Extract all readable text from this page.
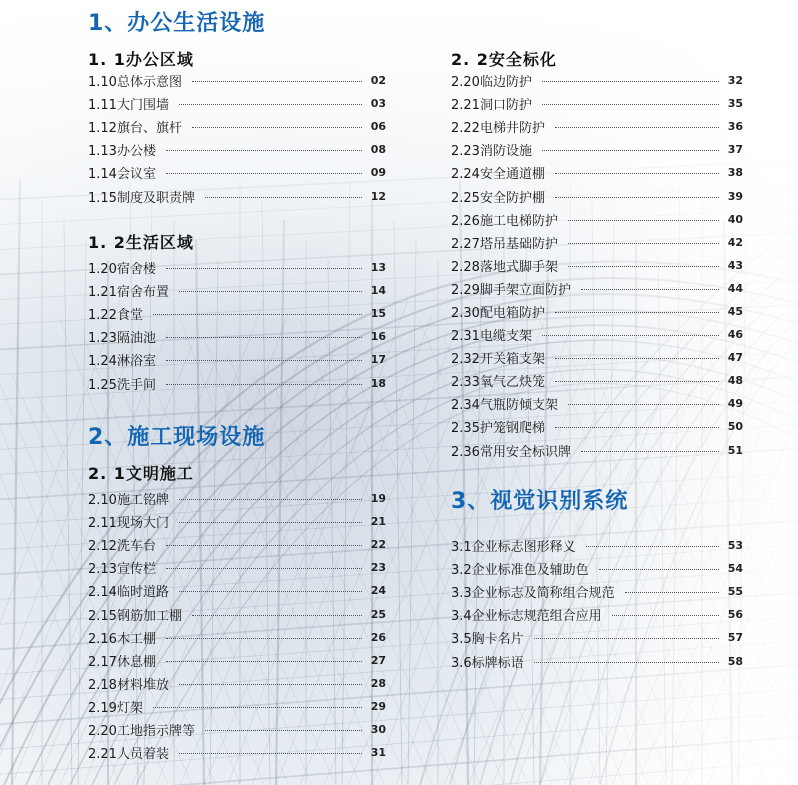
1、办公生活设施
1. 1办公区域
1.10总体示意图	02
1.11大门围墙	03
1.12旗台、旗杆	06
1.13办公楼	08
1.14会议室	09
1.15制度及职责牌	12
1. 2生活区域
1.20宿舍楼	13
1.21宿舍布置	14
1.22食堂	15
1.23隔油池	16
1.24淋浴室	17
1.25洗手间	18
2、施工现场设施
2. 1文明施工
2.10施工铭牌	19
2.11现场大门	21
2.12洗车台	22
2.13宣传栏	23
2.14临时道路	24
2.15钢筋加工棚	25
2.16木工棚	26
2.17休息棚	27
2.18材料堆放	28
2.19灯架	29
2.20工地指示牌等	30
2.21人员着装	31
2. 2安全标化
2.20临边防护	32
2.21洞口防护	35
2.22电梯井防护	36
2.23消防设施	37
2.24安全通道棚	38
2.25安全防护棚	39
2.26施工电梯防护	40
2.27塔吊基础防护	42
2.28落地式脚手架	43
2.29脚手架立面防护	44
2.30配电箱防护	45
2.31电缆支架	46
2.32开关箱支架	47
2.33氧气乙炔笼	48
2.34气瓶防倾支架	49
2.35护笼钢爬梯	50
2.36常用安全标识牌	51
3、视觉识别系统
3.1企业标志图形释义	53
3.2企业标准色及辅助色	54
3.3企业标志及简称组合规范	55
3.4企业标志规范组合应用	56
3.5胸卡名片	57
3.6标牌标语	58
